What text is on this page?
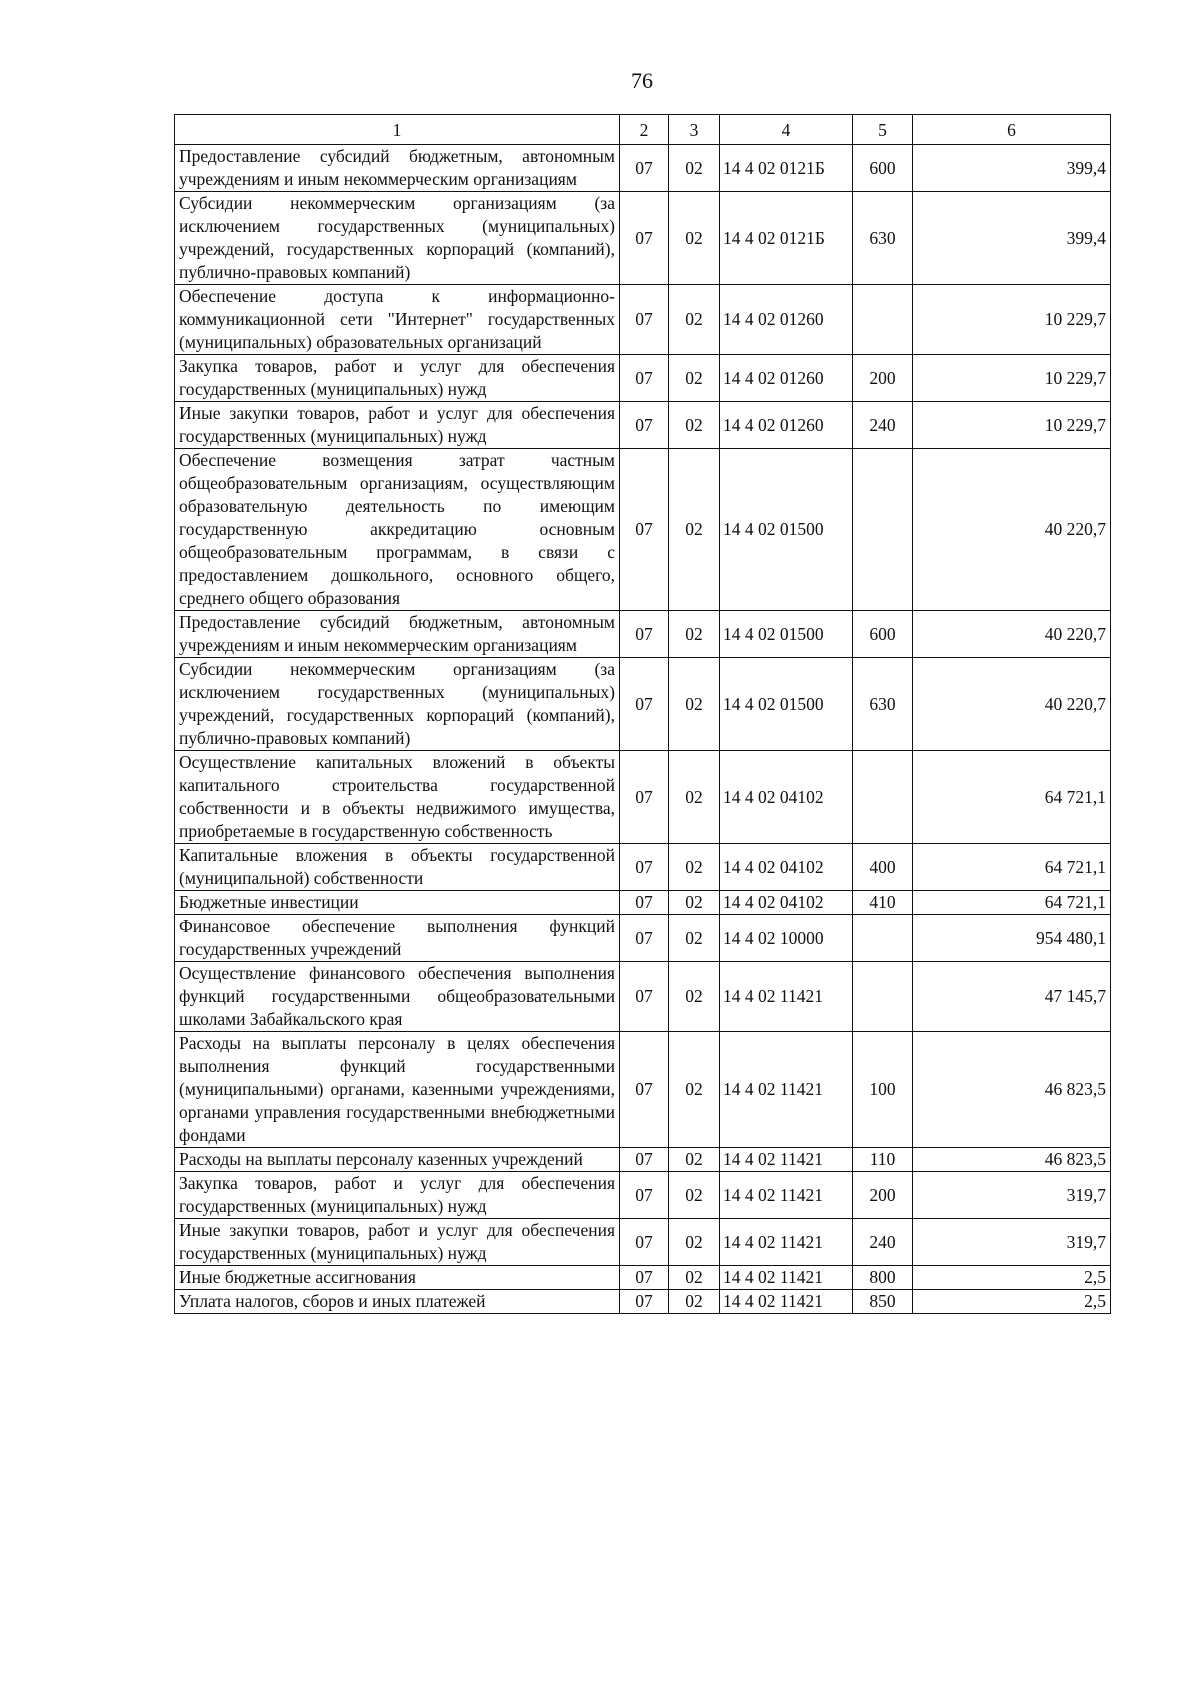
76
1	2	3	4	5	6
Предоставление субсидий бюджетным, автономным учреждениям и иным некоммерческим организациям	07	02	14 4 02 0121Б	600	399,4
Субсидии некоммерческим организациям (за исключением государственных (муниципальных) учреждений, государственных корпораций (компаний), публично-правовых компаний)	07	02	14 4 02 0121Б	630	399,4
Обеспечение доступа к информационно-коммуникационной сети "Интернет" государственных (муниципальных) образовательных организаций	07	02	14 4 02 01260		10 229,7
Закупка товаров, работ и услуг для обеспечения государственных (муниципальных) нужд	07	02	14 4 02 01260	200	10 229,7
Иные закупки товаров, работ и услуг для обеспечения государственных (муниципальных) нужд	07	02	14 4 02 01260	240	10 229,7
Обеспечение возмещения затрат частным общеобразовательным организациям, осуществляющим образовательную деятельность по имеющим государственную аккредитацию основным общеобразовательным программам, в связи с предоставлением дошкольного, основного общего, среднего общего образования	07	02	14 4 02 01500		40 220,7
Предоставление субсидий бюджетным, автономным учреждениям и иным некоммерческим организациям	07	02	14 4 02 01500	600	40 220,7
Субсидии некоммерческим организациям (за исключением государственных (муниципальных) учреждений, государственных корпораций (компаний), публично-правовых компаний)	07	02	14 4 02 01500	630	40 220,7
Осуществление капитальных вложений в объекты капитального строительства государственной собственности и в объекты недвижимого имущества, приобретаемые в государственную собственность	07	02	14 4 02 04102		64 721,1
Капитальные вложения в объекты государственной (муниципальной) собственности	07	02	14 4 02 04102	400	64 721,1
Бюджетные инвестиции	07	02	14 4 02 04102	410	64 721,1
Финансовое обеспечение выполнения функций государственных учреждений	07	02	14 4 02 10000		954 480,1
Осуществление финансового обеспечения выполнения функций государственными общеобразовательными школами Забайкальского края	07	02	14 4 02 11421		47 145,7
Расходы на выплаты персоналу в целях обеспечения выполнения функций государственными (муниципальными) органами, казенными учреждениями, органами управления государственными внебюджетными фондами	07	02	14 4 02 11421	100	46 823,5
Расходы на выплаты персоналу казенных учреждений	07	02	14 4 02 11421	110	46 823,5
Закупка товаров, работ и услуг для обеспечения государственных (муниципальных) нужд	07	02	14 4 02 11421	200	319,7
Иные закупки товаров, работ и услуг для обеспечения государственных (муниципальных) нужд	07	02	14 4 02 11421	240	319,7
Иные бюджетные ассигнования	07	02	14 4 02 11421	800	2,5
Уплата налогов, сборов и иных платежей	07	02	14 4 02 11421	850	2,5
